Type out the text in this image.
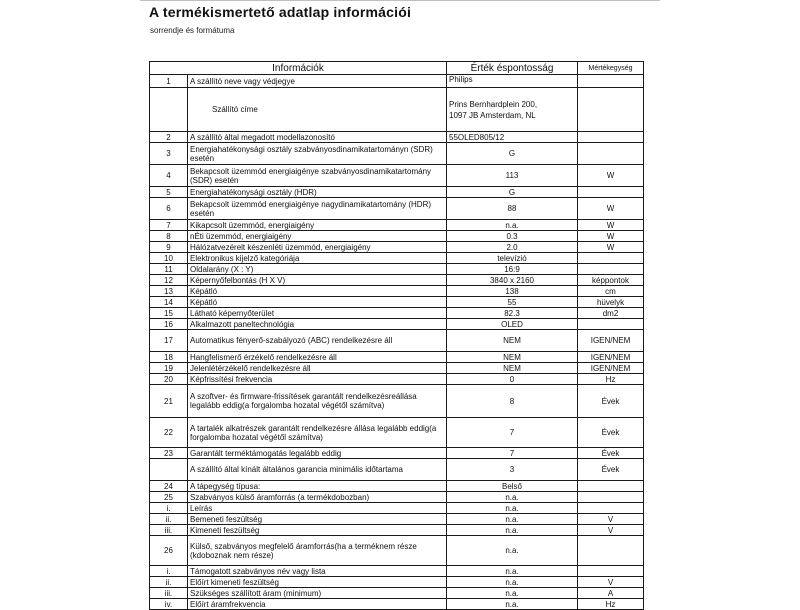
A termékismertető adatlap információi
sorrendje és formátuma
Információk		Érték éspontosság	Mértékegység
1	A szállító neve vagy védjegye	Philips	
	Szállító címe	Prins Bernhardplein 200,
1097 JB Amsterdam, NL	

2	A szállító által megadott modellazonosító	55OLED805/12	
3	Energiahatékonysági osztály szabványosdinamikatartományn (SDR) esetén	G	
4	Bekapcsolt üzemmód energiaigénye szabványosdinamikatartomány (SDR) esetén	113	W
5	Energiahatékonysági osztály (HDR)	G	
6	Bekapcsolt üzemmód energiaigénye nagydinamikatartomány (HDR) esetén	88	W
7	Kikapcsolt üzemmód, energiaigény	n.a.	W
8	nÉti üzemmód, energiaigény	0.3	W
9	Hálózatvezérelt készenléti üzemmód, energiaigény	2.0	W
10	Elektronikus kijelző kategóriája	televízió	
11	Oldalarány (X : Y)	16:9	
12	Képernyőfelbontás (H X V)	3840 x 2160	képpontok
13	Képátló	138	cm
14	Képátló	55	hüvelyk
15	Látható képernyőterület	82.3	dm2
16	Alkalmazott paneltechnológia	OLED	
17	Automatikus fényerő-szabályozó (ABC) rendelkezésre áll	NEM	IGEN/NEM
18	Hangfelismerő érzékelő rendelkezésre áll	NEM	IGEN/NEM
19	Jelenlétérzékelő rendelkezésre áll	NEM	IGEN/NEM
20	Képfrissítési frekvencia	0	Hz
21	A szoftver- és firmware-frissítések garantált rendelkezésreállása legalább eddig(a forgalomba hozatal végétől számítva)	8	Évek
22	A tartalék alkatrészek garantált rendelkezésre állása legalább eddig(a forgalomba hozatal végétől számítva)	7	Évek
23	Garantált terméktámogatás legalább eddig	7	Évek
	A szállító által kínált általános garancia minimális időtartama	3	Évek
24	A tápegység típusa:	Belső	
25	Szabványos külső áramforrás (a termékdobozban)	n.a.	
i.	Leírás	n.a.	
ii.	Bemeneti feszültség	n.a.	V
iii.	Kimeneti feszültség	n.a.	V
26	Külső, szabványos megfelelő áramforrás(ha a terméknem része (kdoboznak nem része)	n.a.	
i.	Támogatott szabványos név vagy lista	n.a.	
ii.	Előírt kimeneti feszültség	n.a.	V
iii.	Szükséges szállított áram (minimum)	n.a.	A
iv.	Előírt áramfrekvencia	n.a.	Hz
